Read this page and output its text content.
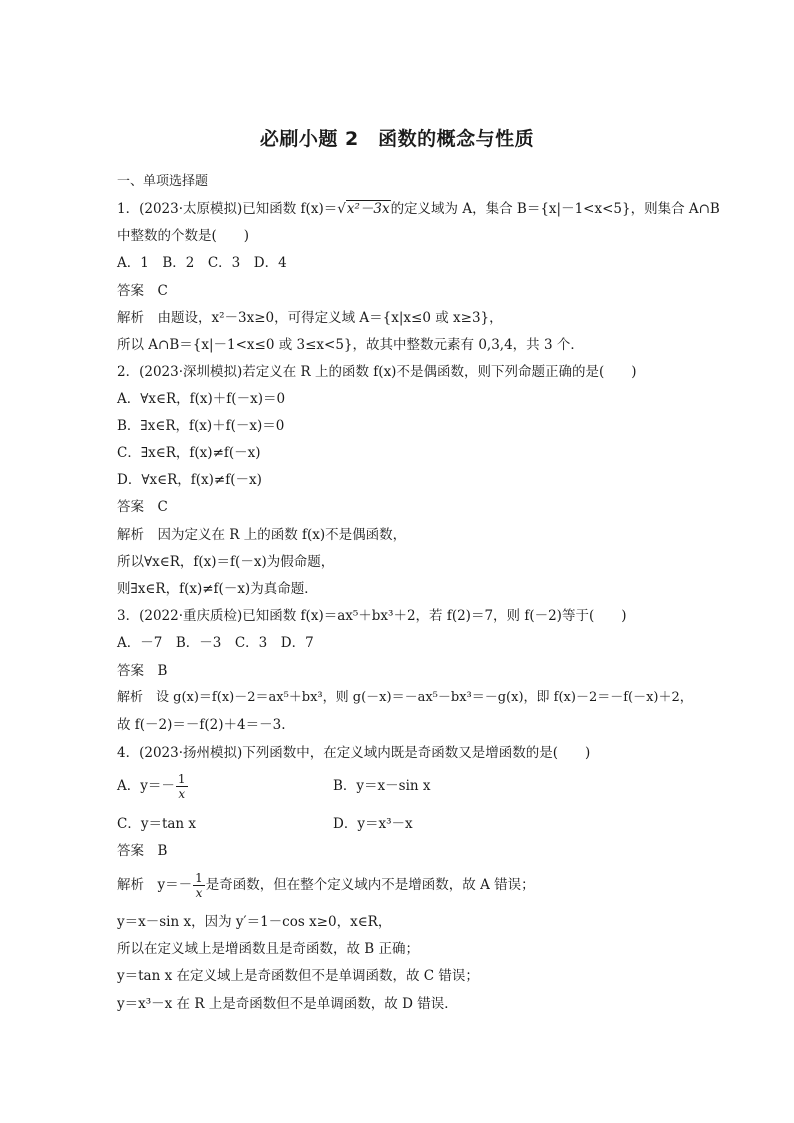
必刷小题 2　函数的概念与性质
一、单项选择题
1．(2023·太原模拟)已知函数 f(x)＝√x²－3x的定义域为 A，集合 B＝{x|－1<x<5}，则集合 A∩B
中整数的个数是(　　)
A．1　B．2　C．3　D．4
答案　C
解析　由题设，x²－3x≥0，可得定义域 A＝{x|x≤0 或 x≥3}，
所以 A∩B＝{x|－1<x≤0 或 3≤x<5}，故其中整数元素有 0,3,4，共 3 个．
2．(2023·深圳模拟)若定义在 R 上的函数 f(x)不是偶函数，则下列命题正确的是(　　)
A．∀x∈R，f(x)＋f(－x)＝0
B．∃x∈R，f(x)＋f(－x)＝0
C．∃x∈R，f(x)≠f(－x)
D．∀x∈R，f(x)≠f(－x)
答案　C
解析　因为定义在 R 上的函数 f(x)不是偶函数，
所以∀x∈R，f(x)＝f(－x)为假命题，
则∃x∈R，f(x)≠f(－x)为真命题．
3．(2022·重庆质检)已知函数 f(x)＝ax⁵＋bx³＋2，若 f(2)＝7，则 f(－2)等于(　　)
A．－7　B．－3　C．3　D．7
答案　B
解析　设 g(x)＝f(x)－2＝ax⁵＋bx³，则 g(－x)＝－ax⁵－bx³＝－g(x)，即 f(x)－2＝－f(－x)＋2，
故 f(－2)＝－f(2)＋4＝－3.
4．(2023·扬州模拟)下列函数中，在定义域内既是奇函数又是增函数的是(　　)
A．$y=- \frac{1}{x}$	B．y＝x－sin x
C．y＝tan x	D．y＝x³－x
答案　B
解析　$y=- \frac{1}{x}$ 是奇函数，但在整个定义域内不是增函数，故 A 错误；
y＝x－sin x，因为 y′＝1－cos x≥0，x∈R，
所以在定义域上是增函数且是奇函数，故 B 正确；
y＝tan x 在定义域上是奇函数但不是单调函数，故 C 错误；
y＝x³－x 在 R 上是奇函数但不是单调函数，故 D 错误．
